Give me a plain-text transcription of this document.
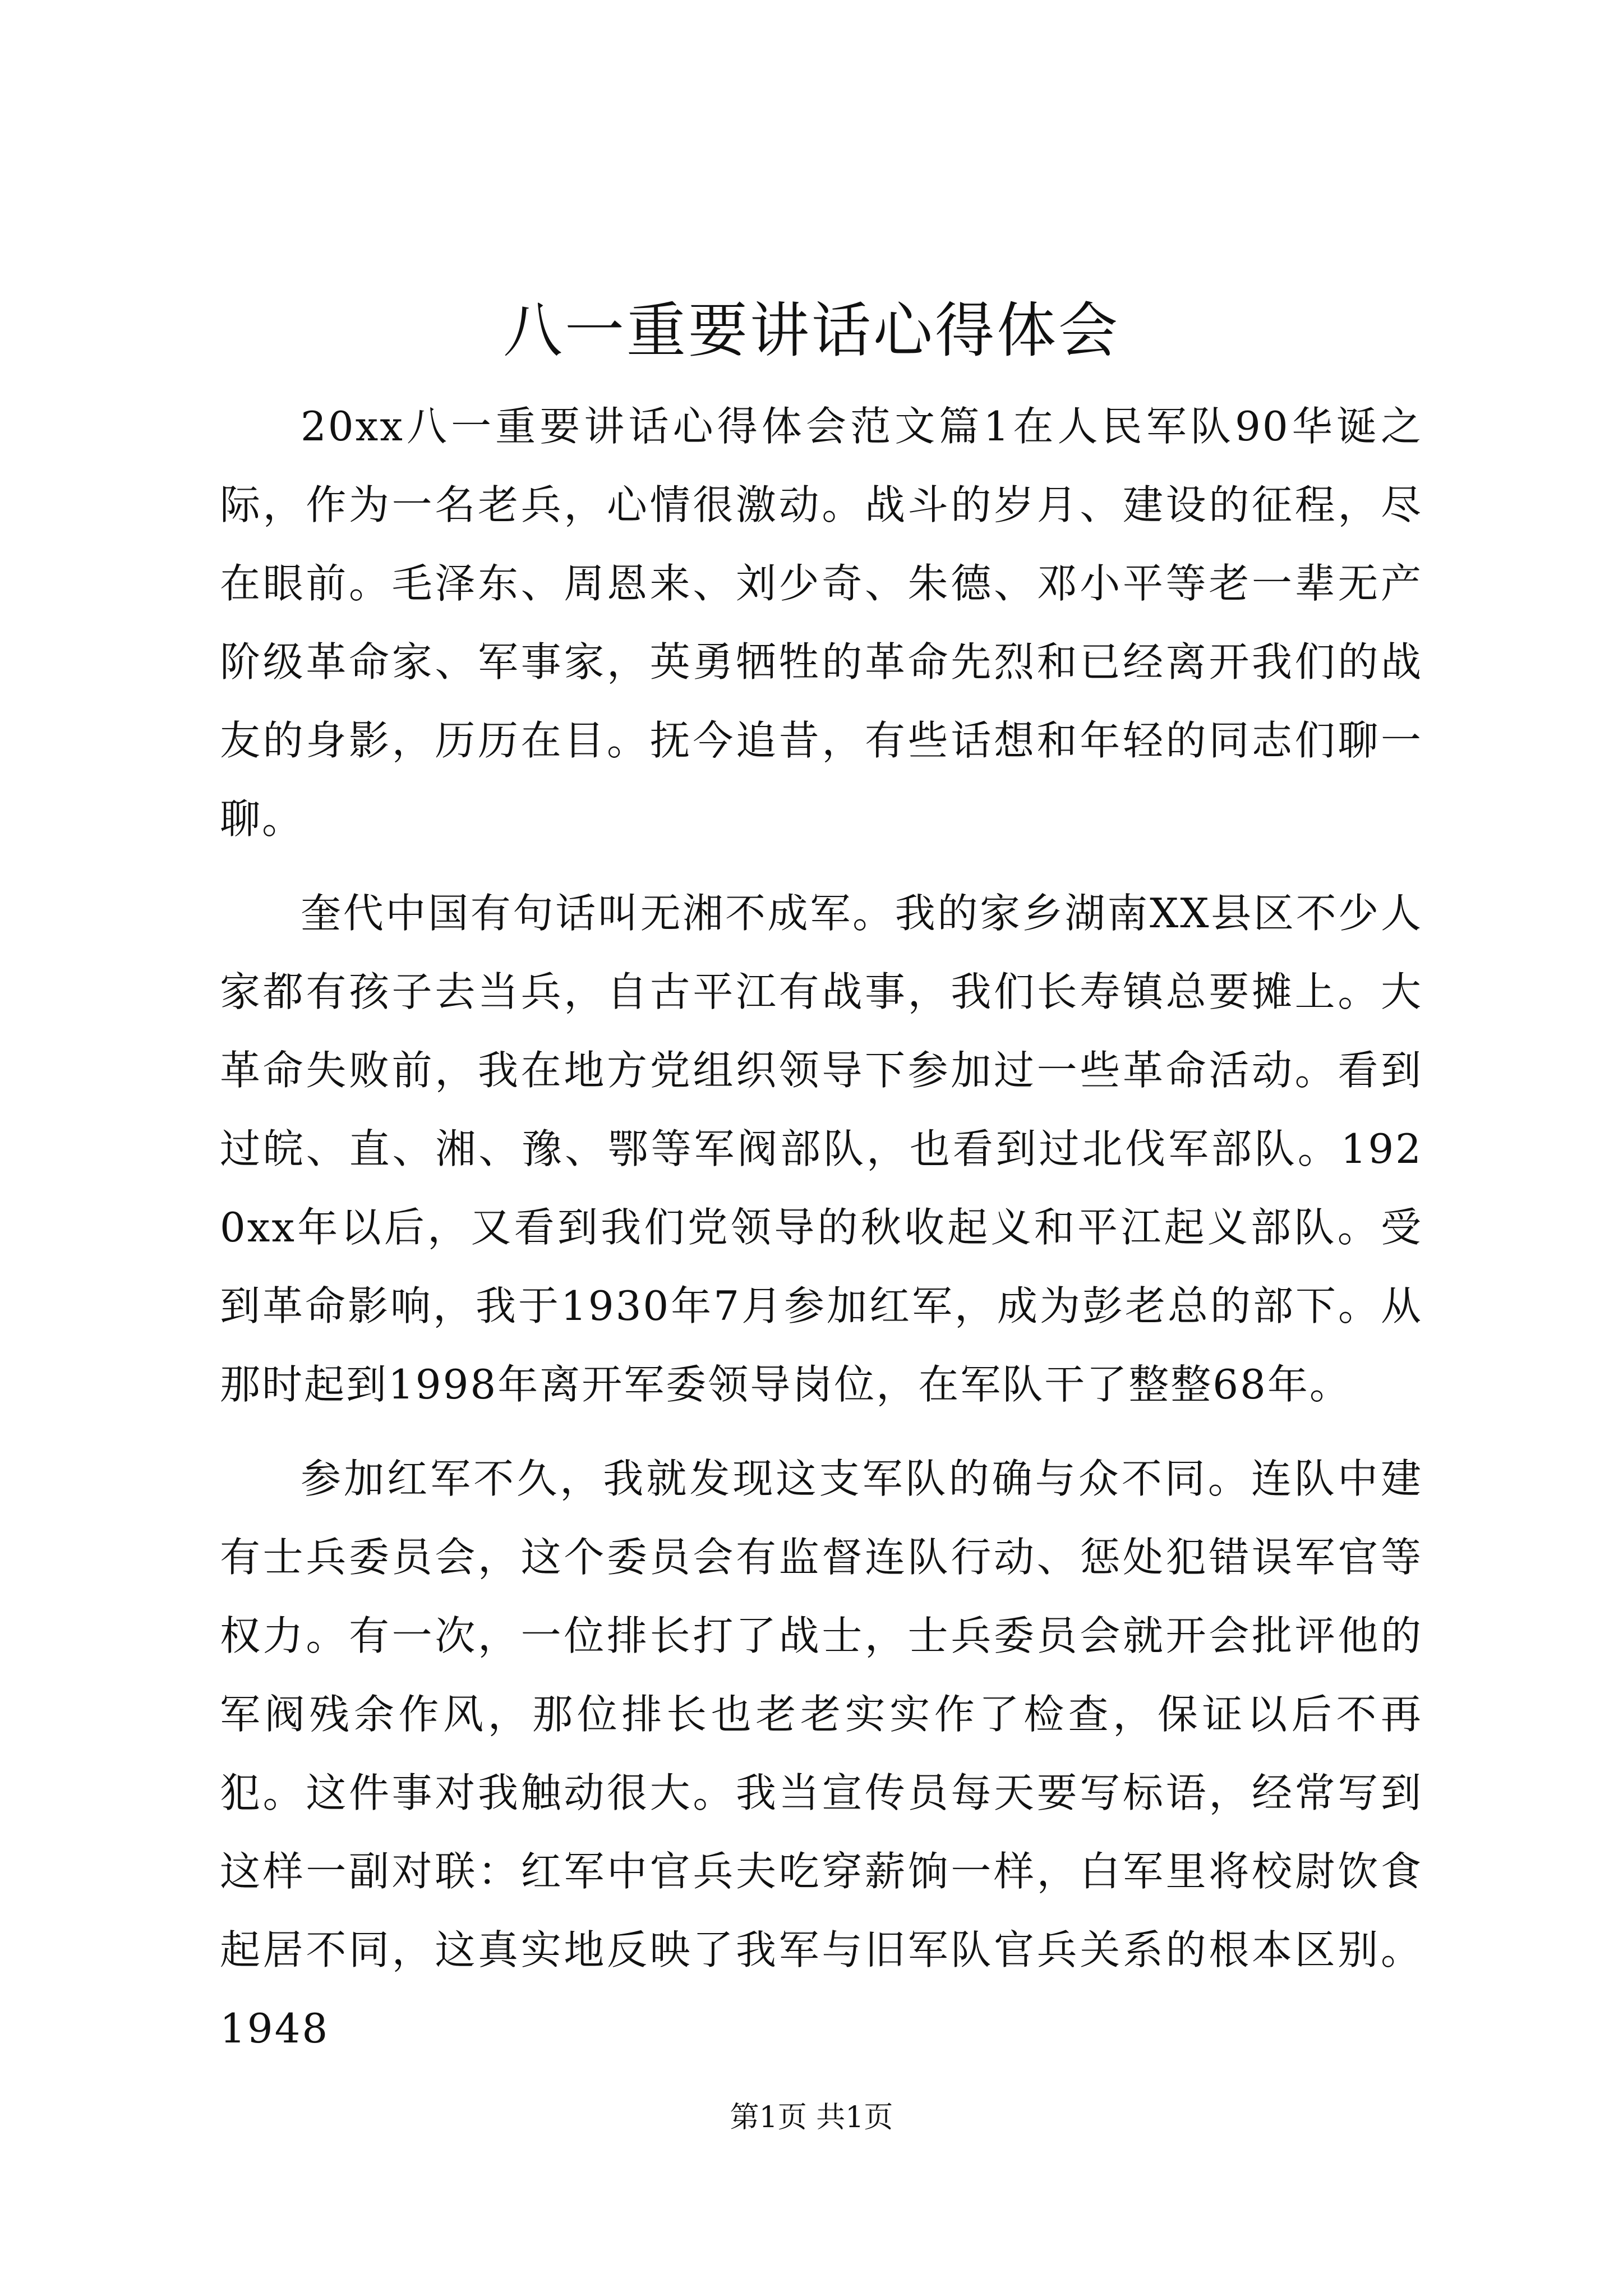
八一重要讲话心得体会

20xx八一重要讲话心得体会范文篇1在人民军队90华诞之际，作为一名老兵，心情很激动。战斗的岁月、建设的征程，尽在眼前。毛泽东、周恩来、刘少奇、朱德、邓小平等老一辈无产阶级革命家、军事家，英勇牺牲的革命先烈和已经离开我们的战友的身影，历历在目。抚今追昔，有些话想和年轻的同志们聊一聊。

奎代中国有句话叫无湘不成军。我的家乡湖南XX县区不少人家都有孩子去当兵，自古平江有战事，我们长寿镇总要摊上。大革命失败前，我在地方党组织领导下参加过一些革命活动。看到过皖、直、湘、豫、鄂等军阀部队，也看到过北伐军部队。1920xx年以后，又看到我们党领导的秋收起义和平江起义部队。受到革命影响，我于1930年7月参加红军，成为彭老总的部下。从那时起到1998年离开军委领导岗位，在军队干了整整68年。

参加红军不久，我就发现这支军队的确与众不同。连队中建有士兵委员会，这个委员会有监督连队行动、惩处犯错误军官等权力。有一次，一位排长打了战士，士兵委员会就开会批评他的军阀残余作风，那位排长也老老实实作了检查，保证以后不再犯。这件事对我触动很大。我当宣传员每天要写标语，经常写到这样一副对联：红军中官兵夫吃穿薪饷一样，白军里将校尉饮食起居不同，这真实地反映了我军与旧军队官兵关系的根本区别。1948

第1页 共1页
